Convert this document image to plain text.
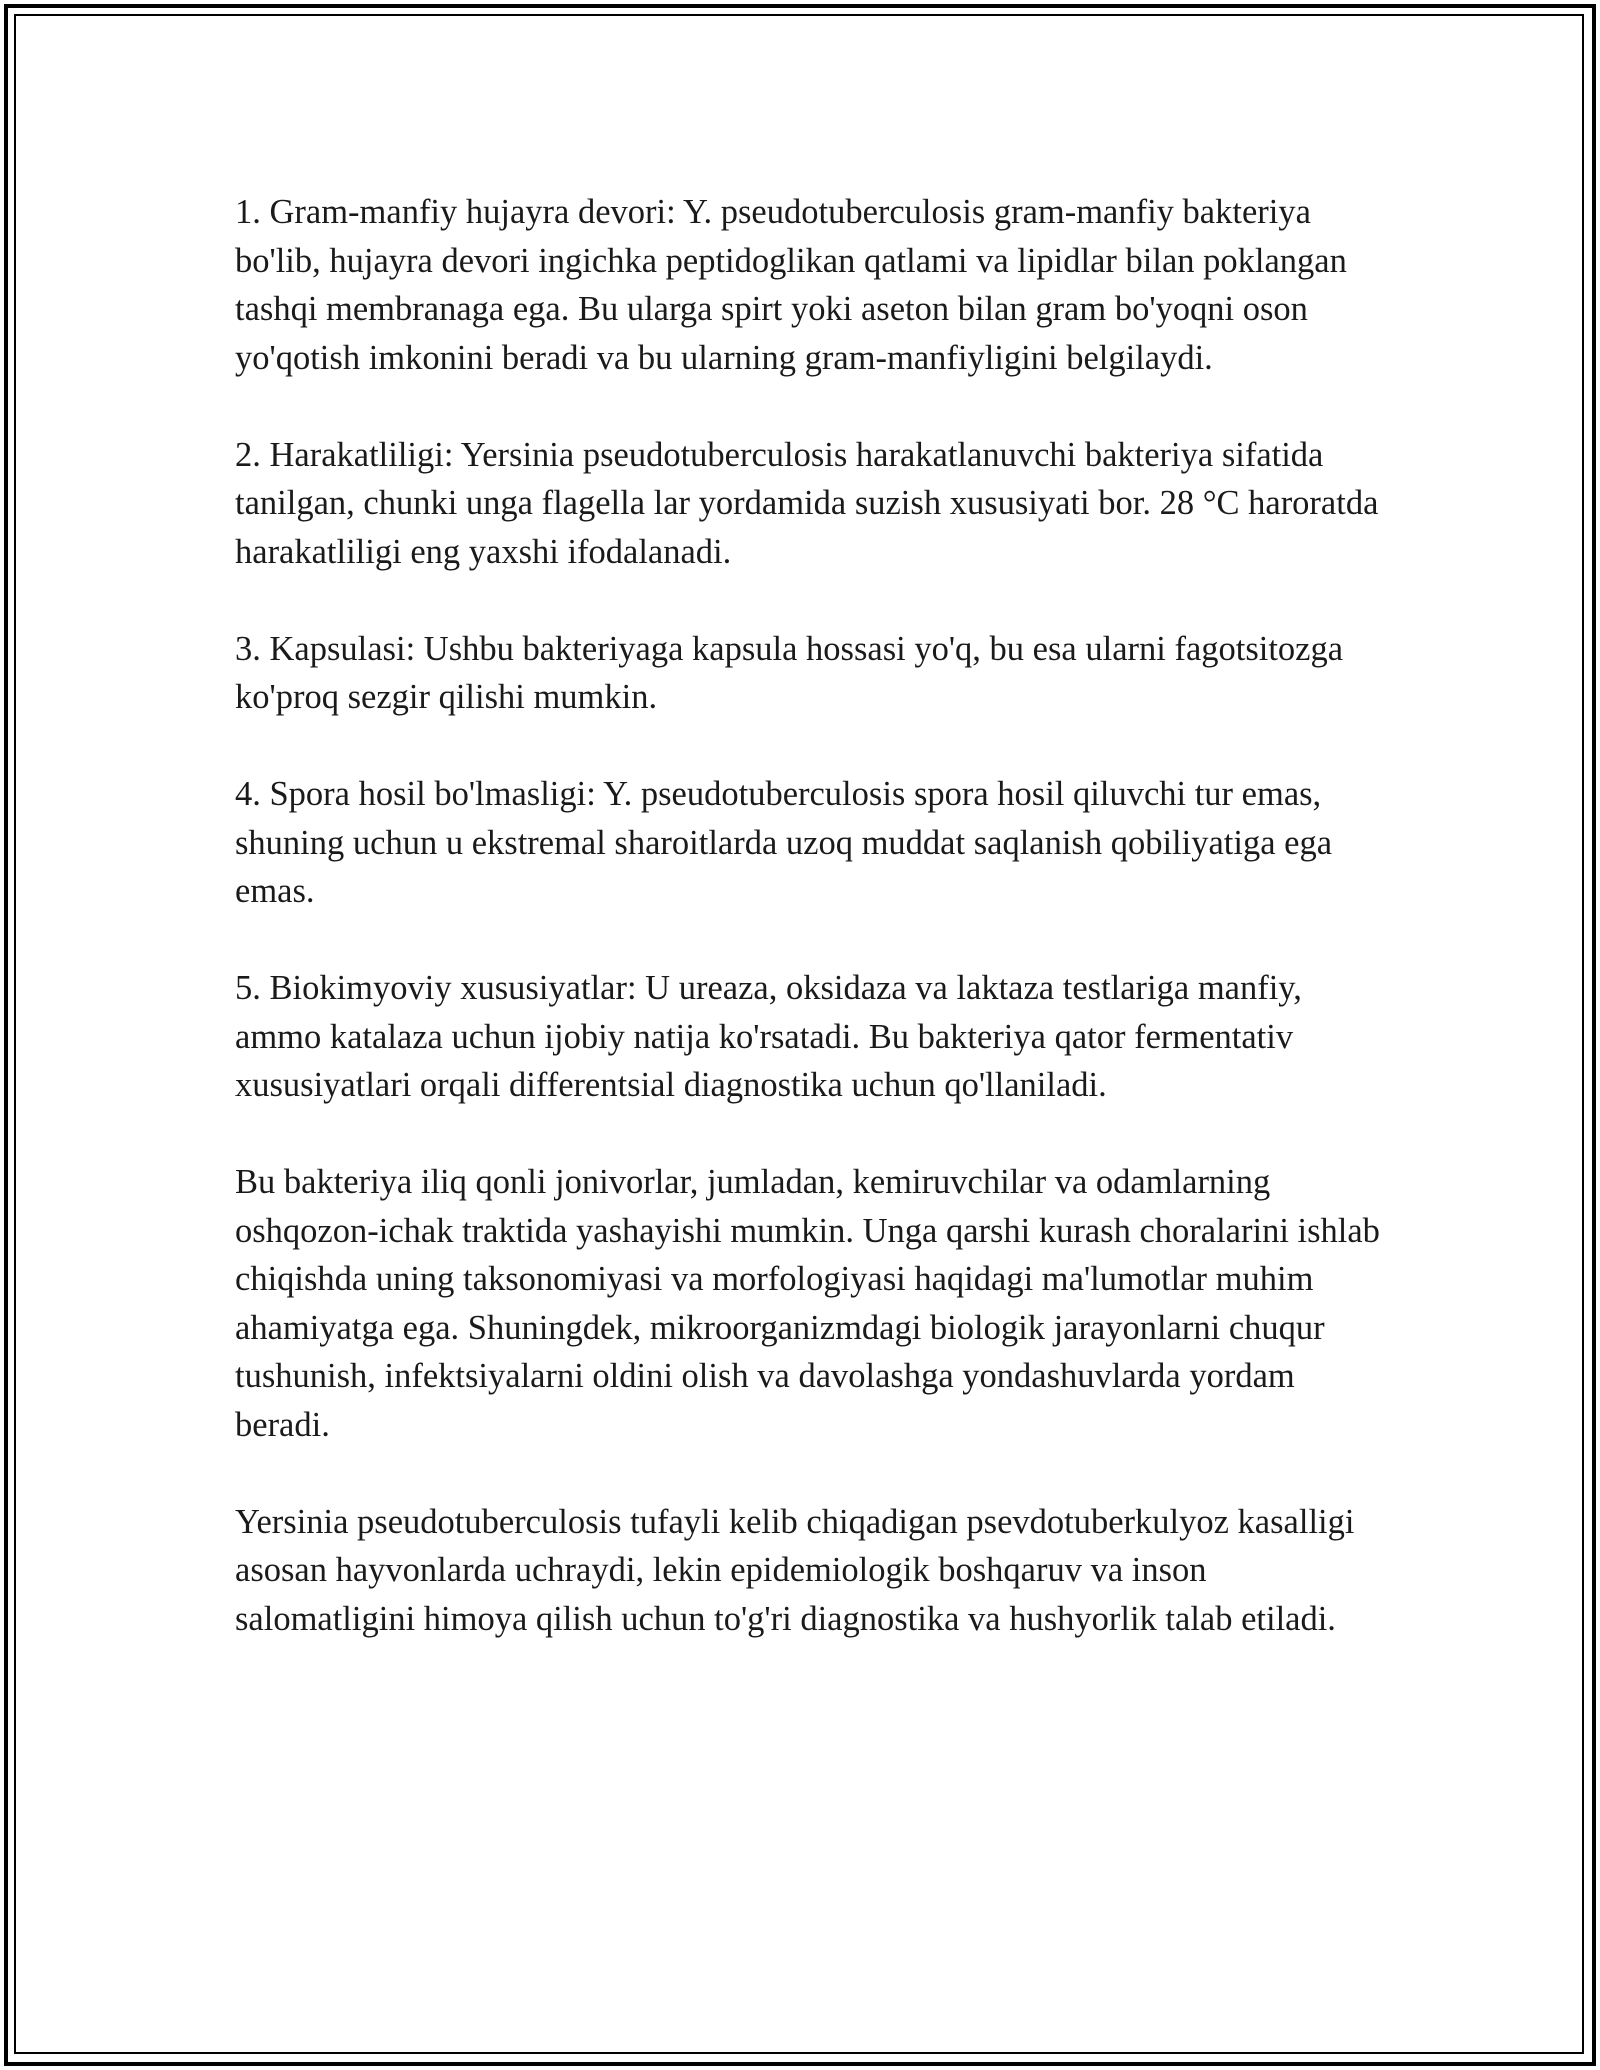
1. Gram-manfiy hujayra devori: Y. pseudotuberculosis gram-manfiy bakteriya bo'lib, hujayra devori ingichka peptidoglikan qatlami va lipidlar bilan poklangan tashqi membranaga ega. Bu ularga spirt yoki aseton bilan gram bo'yoqni oson yo'qotish imkonini beradi va bu ularning gram-manfiyligini belgilaydi.

2. Harakatliligi: Yersinia pseudotuberculosis harakatlanuvchi bakteriya sifatida tanilgan, chunki unga flagella lar yordamida suzish xususiyati bor. 28 °C haroratda harakatliligi eng yaxshi ifodalanadi.

3. Kapsulasi: Ushbu bakteriyaga kapsula hossasi yo'q, bu esa ularni fagotsitozga ko'proq sezgir qilishi mumkin.

4. Spora hosil bo'lmasligi: Y. pseudotuberculosis spora hosil qiluvchi tur emas, shuning uchun u ekstremal sharoitlarda uzoq muddat saqlanish qobiliyatiga ega emas.

5. Biokimyoviy xususiyatlar: U ureaza, oksidaza va laktaza testlariga manfiy, ammo katalaza uchun ijobiy natija ko'rsatadi. Bu bakteriya qator fermentativ xususiyatlari orqali differentsial diagnostika uchun qo'llaniladi.

Bu bakteriya iliq qonli jonivorlar, jumladan, kemiruvchilar va odamlarning oshqozon-ichak traktida yashayishi mumkin. Unga qarshi kurash choralarini ishlab chiqishda uning taksonomiyasi va morfologiyasi haqidagi ma'lumotlar muhim ahamiyatga ega. Shuningdek, mikroorganizmdagi biologik jarayonlarni chuqur tushunish, infektsiyalarni oldini olish va davolashga yondashuvlarda yordam beradi.

Yersinia pseudotuberculosis tufayli kelib chiqadigan psevdotuberkulyoz kasalligi asosan hayvonlarda uchraydi, lekin epidemiologik boshqaruv va inson salomatligini himoya qilish uchun to'g'ri diagnostika va hushyorlik talab etiladi.
